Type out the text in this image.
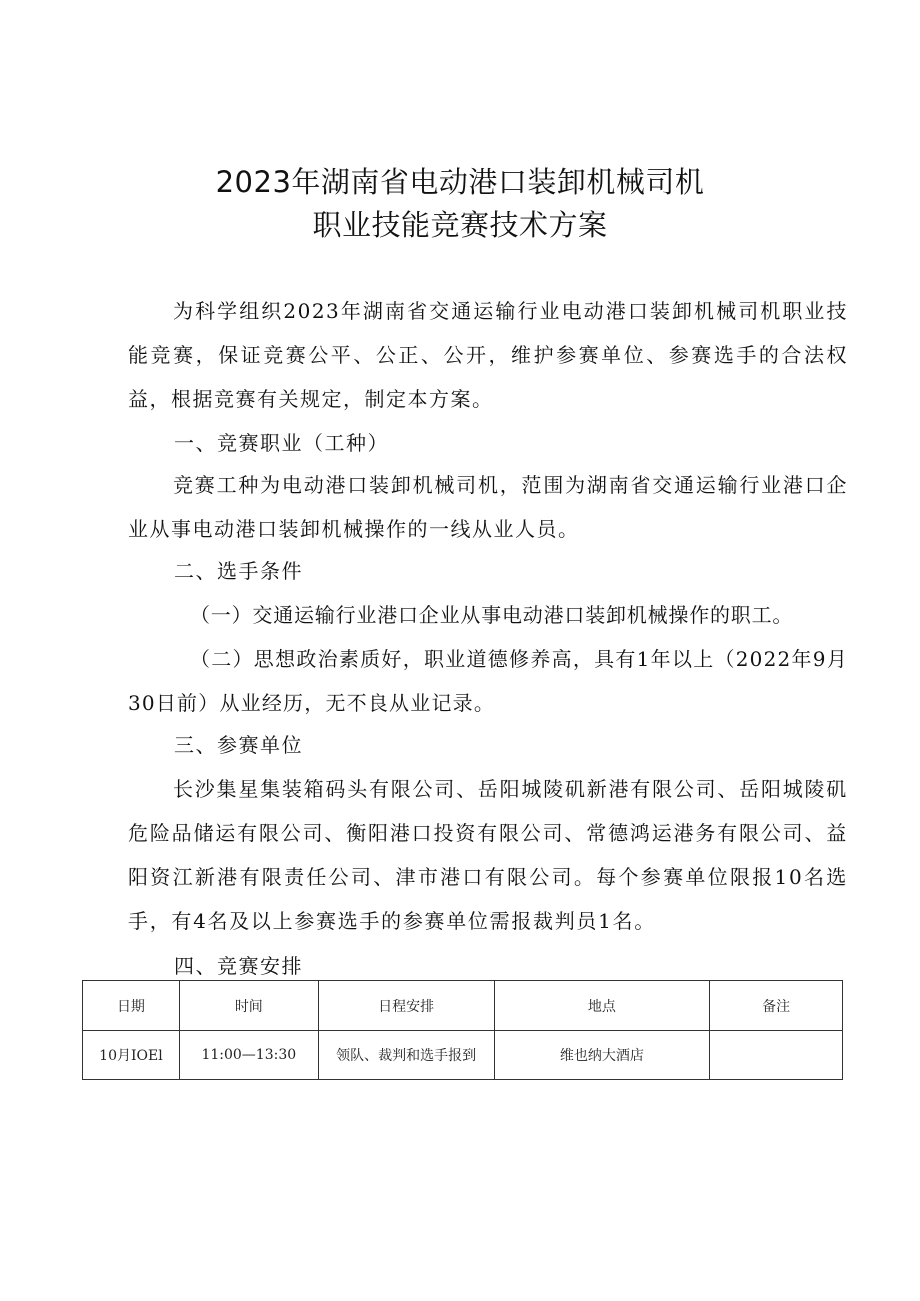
2023年湖南省电动港口装卸机械司机
职业技能竞赛技术方案
为科学组织2023年湖南省交通运输行业电动港口装卸机械司机职业技能竞赛，保证竞赛公平、公正、公开，维护参赛单位、参赛选手的合法权益，根据竞赛有关规定，制定本方案。
一、竞赛职业（工种）
竞赛工种为电动港口装卸机械司机，范围为湖南省交通运输行业港口企业从事电动港口装卸机械操作的一线从业人员。
二、选手条件
（一）交通运输行业港口企业从事电动港口装卸机械操作的职工。
（二）思想政治素质好，职业道德修养高，具有1年以上（2022年9月30日前）从业经历，无不良从业记录。
三、参赛单位
长沙集星集装箱码头有限公司、岳阳城陵矶新港有限公司、岳阳城陵矶危险品储运有限公司、衡阳港口投资有限公司、常德鸿运港务有限公司、益阳资江新港有限责任公司、津市港口有限公司。每个参赛单位限报10名选手，有4名及以上参赛选手的参赛单位需报裁判员1名。
四、竞赛安排
日期	时间	日程安排	地点	备注
10月IOEl	11:00—13:30	领队、裁判和选手报到	维也纳大酒店	
